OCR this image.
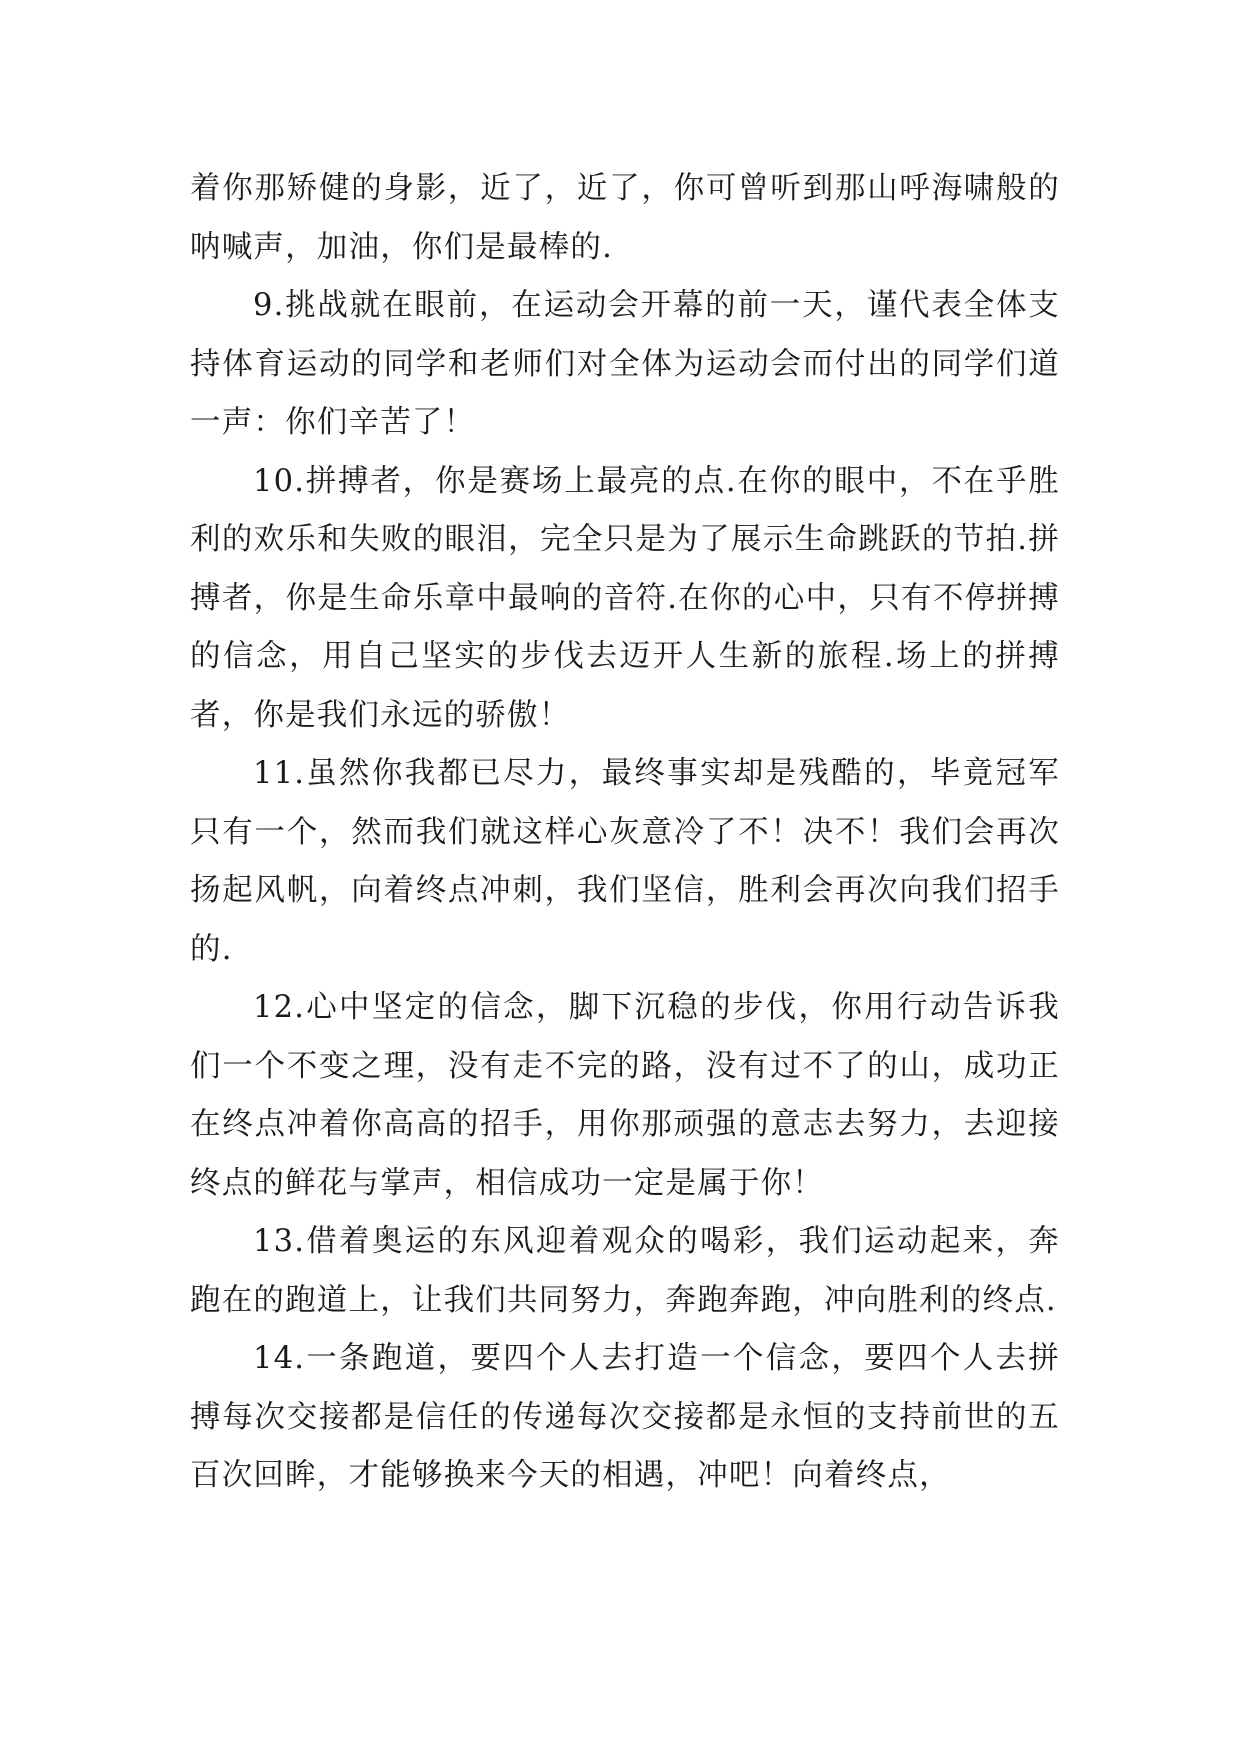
着你那矫健的身影，近了，近了，你可曾听到那山呼海啸般的呐喊声，加油，你们是最棒的.

9.挑战就在眼前，在运动会开幕的前一天，谨代表全体支持体育运动的同学和老师们对全体为运动会而付出的同学们道一声：你们辛苦了！

10.拼搏者，你是赛场上最亮的点.在你的眼中，不在乎胜利的欢乐和失败的眼泪，完全只是为了展示生命跳跃的节拍.拼搏者，你是生命乐章中最响的音符.在你的心中，只有不停拼搏的信念，用自己坚实的步伐去迈开人生新的旅程.场上的拼搏者，你是我们永远的骄傲！

11.虽然你我都已尽力，最终事实却是残酷的，毕竟冠军只有一个，然而我们就这样心灰意冷了不！决不！我们会再次扬起风帆，向着终点冲刺，我们坚信，胜利会再次向我们招手的.

12.心中坚定的信念，脚下沉稳的步伐，你用行动告诉我们一个不变之理，没有走不完的路，没有过不了的山，成功正在终点冲着你高高的招手，用你那顽强的意志去努力，去迎接终点的鲜花与掌声，相信成功一定是属于你！

13.借着奥运的东风迎着观众的喝彩，我们运动起来，奔跑在的跑道上，让我们共同努力，奔跑奔跑，冲向胜利的终点.

14.一条跑道，要四个人去打造一个信念，要四个人去拼搏每次交接都是信任的传递每次交接都是永恒的支持前世的五百次回眸，才能够换来今天的相遇，冲吧！向着终点，
